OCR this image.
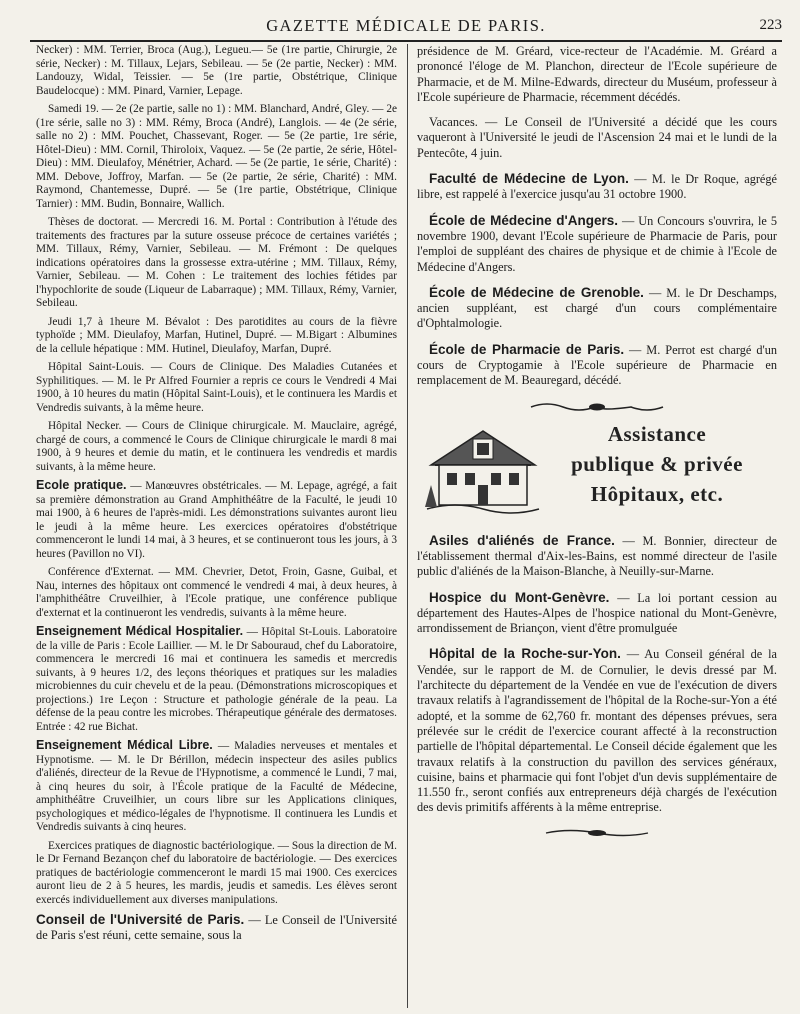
GAZETTE MÉDICALE DE PARIS.	223

Necker) : MM. Terrier, Broca (Aug.), Legueu.— 5e (1re partie, Chirurgie, 2e série, Necker) : M. Tillaux, Lejars, Sebileau. — 5e (2e partie, Necker) : MM. Landouzy, Widal, Teissier. — 5e (1re partie, Obstétrique, Clinique Baudelocque) : MM. Pinard, Varnier, Lepage.

Samedi 19. — 2e (2e partie, salle no 1) : MM. Blanchard, André, Gley. — 2e (1re série, salle no 3) : MM. Rémy, Broca (André), Langlois. — 4e (2e série, salle no 2) : MM. Pouchet, Chassevant, Roger. — 5e (2e partie, 1re série, Hôtel-Dieu) : MM. Cornil, Thiroloix, Vaquez. — 5e (2e partie, 2e série, Hôtel-Dieu) : MM. Dieulafoy, Ménétrier, Achard. — 5e (2e partie, 1e série, Charité) : MM. Debove, Joffroy, Marfan. — 5e (2e partie, 2e série, Charité) : MM. Raymond, Chantemesse, Dupré. — 5e (1re partie, Obstétrique, Clinique Tarnier) : MM. Budin, Bonnaire, Wallich.

Thèses de doctorat. — Mercredi 16. M. Portal : Contribution à l'étude des traitements des fractures par la suture osseuse précoce de certaines variétés ; MM. Tillaux, Rémy, Varnier, Sebileau. — M. Frémont : De quelques indications opératoires dans la grossesse extra-utérine ; MM. Tillaux, Rémy, Varnier, Sebileau. — M. Cohen : Le traitement des lochies fétides par l'hypochlorite de soude (Liqueur de Labarraque) ; MM. Tillaux, Rémy, Varnier, Sebileau.

Jeudi 1,7 à 1heure M. Bévalot : Des parotidites au cours de la fièvre typhoïde ; MM. Dieulafoy, Marfan, Hutinel, Dupré. — M.Bigart : Albumines de la cellule hépatique : MM. Hutinel, Dieulafoy, Marfan, Dupré.

Hôpital Saint-Louis. — Cours de Clinique. Des Maladies Cutanées et Syphilitiques. — M. le Pr Alfred Fournier a repris ce cours le Vendredi 4 Mai 1900, à 10 heures du matin (Hôpital Saint-Louis), et le continuera les Mardis et Vendredis suivants, à la même heure.

Hôpital Necker. — Cours de Clinique chirurgicale. M. Mauclaire, agrégé, chargé de cours, a commencé le Cours de Clinique chirurgicale le mardi 8 mai 1900, à 9 heures et demie du matin, et le continuera les vendredis et mardis suivants, à la même heure.

Ecole pratique. — Manœuvres obstétricales. — M. Lepage, agrégé, a fait sa première démonstration au Grand Amphithéâtre de la Faculté, le jeudi 10 mai 1900, à 6 heures de l'après-midi. Les démonstrations suivantes auront lieu le jeudi à la même heure. Les exercices opératoires d'obstétrique commenceront le lundi 14 mai, à 3 heures, et se continueront tous les jours, à 3 heures (Pavillon no VI).

Conférence d'Externat. — MM. Chevrier, Detot, Froin, Gasne, Guibal, et Nau, internes des hôpitaux ont commencé le vendredi 4 mai, à deux heures, à l'amphithéâtre Cruveilhier, à l'Ecole pratique, une conférence publique d'externat et la continueront les vendredis, suivants à la même heure.

Enseignement Médical Hospitalier. — Hôpital St-Louis. Laboratoire de la ville de Paris : Ecole Laillier. — M. le Dr Sabouraud, chef du Laboratoire, commencera le mercredi 16 mai et continuera les samedis et mercredis suivants, à 9 heures 1/2, des leçons théoriques et pratiques sur les maladies microbiennes du cuir chevelu et de la peau. (Démonstrations microscopiques et projections.) 1re Leçon : Structure et pathologie générale de la peau. La défense de la peau contre les microbes. Thérapeutique générale des dermatoses. Entrée : 42 rue Bichat.

Enseignement Médical Libre. — Maladies nerveuses et mentales et Hypnotisme. — M. le Dr Bérillon, médecin inspecteur des asiles publics d'aliénés, directeur de la Revue de l'Hypnotisme, a commencé le Lundi, 7 mai, à cinq heures du soir, à l'École pratique de la Faculté de Médecine, amphithéâtre Cruveilhier, un cours libre sur les Applications cliniques, psychologiques et médico-légales de l'hypnotisme. Il continuera les Lundis et Vendredis suivants à cinq heures.

Exercices pratiques de diagnostic bactériologique. — Sous la direction de M. le Dr Fernand Bezançon chef du laboratoire de bactériologie. — Des exercices pratiques de bactériologie commenceront le mardi 15 mai 1900. Ces exercices auront lieu de 2 à 5 heures, les mardis, jeudis et samedis. Les élèves seront exercés individuellement aux diverses manipulations.

Conseil de l'Université de Paris. — Le Conseil de l'Université de Paris s'est réuni, cette semaine, sous la

présidence de M. Gréard, vice-recteur de l'Académie. M. Gréard a prononcé l'éloge de M. Planchon, directeur de l'Ecole supérieure de Pharmacie, et de M. Milne-Edwards, directeur du Muséum, professeur à l'Ecole supérieure de Pharmacie, récemment décédés.

Vacances. — Le Conseil de l'Université a décidé que les cours vaqueront à l'Université le jeudi de l'Ascension 24 mai et le lundi de la Pentecôte, 4 juin.

Faculté de Médecine de Lyon. — M. le Dr Roque, agrégé libre, est rappelé à l'exercice jusqu'au 31 octobre 1900.

École de Médecine d'Angers. — Un Concours s'ouvrira, le 5 novembre 1900, devant l'Ecole supérieure de Pharmacie de Paris, pour l'emploi de suppléant des chaires de physique et de chimie à l'Ecole de Médecine d'Angers.

École de Médecine de Grenoble. — M. le Dr Deschamps, ancien suppléant, est chargé d'un cours complémentaire d'Ophtalmologie.

École de Pharmacie de Paris. — M. Perrot est chargé d'un cours de Cryptogamie à l'Ecole supérieure de Pharmacie en remplacement de M. Beauregard, décédé.

Assistance
publique & privée
Hôpitaux, etc.

Asiles d'aliénés de France. — M. Bonnier, directeur de l'établissement thermal d'Aix-les-Bains, est nommé directeur de l'asile public d'aliénés de la Maison-Blanche, à Neuilly-sur-Marne.

Hospice du Mont-Genèvre. — La loi portant cession au département des Hautes-Alpes de l'hospice national du Mont-Genèvre, arrondissement de Briançon, vient d'être promulguée

Hôpital de la Roche-sur-Yon. — Au Conseil général de la Vendée, sur le rapport de M. de Cornulier, le devis dressé par M. l'architecte du département de la Vendée en vue de l'exécution de divers travaux relatifs à l'agrandissement de l'hôpital de la Roche-sur-Yon a été adopté, et la somme de 62,760 fr. montant des dépenses prévues, sera prélevée sur le crédit de l'exercice courant affecté à la reconstruction partielle de l'hôpital départemental. Le Conseil décide également que les travaux relatifs à la construction du pavillon des services généraux, cuisine, bains et pharmacie qui font l'objet d'un devis supplémentaire de 11.550 fr., seront confiés aux entrepreneurs déjà chargés de l'exécution des devis primitifs afférents à la même entreprise.
